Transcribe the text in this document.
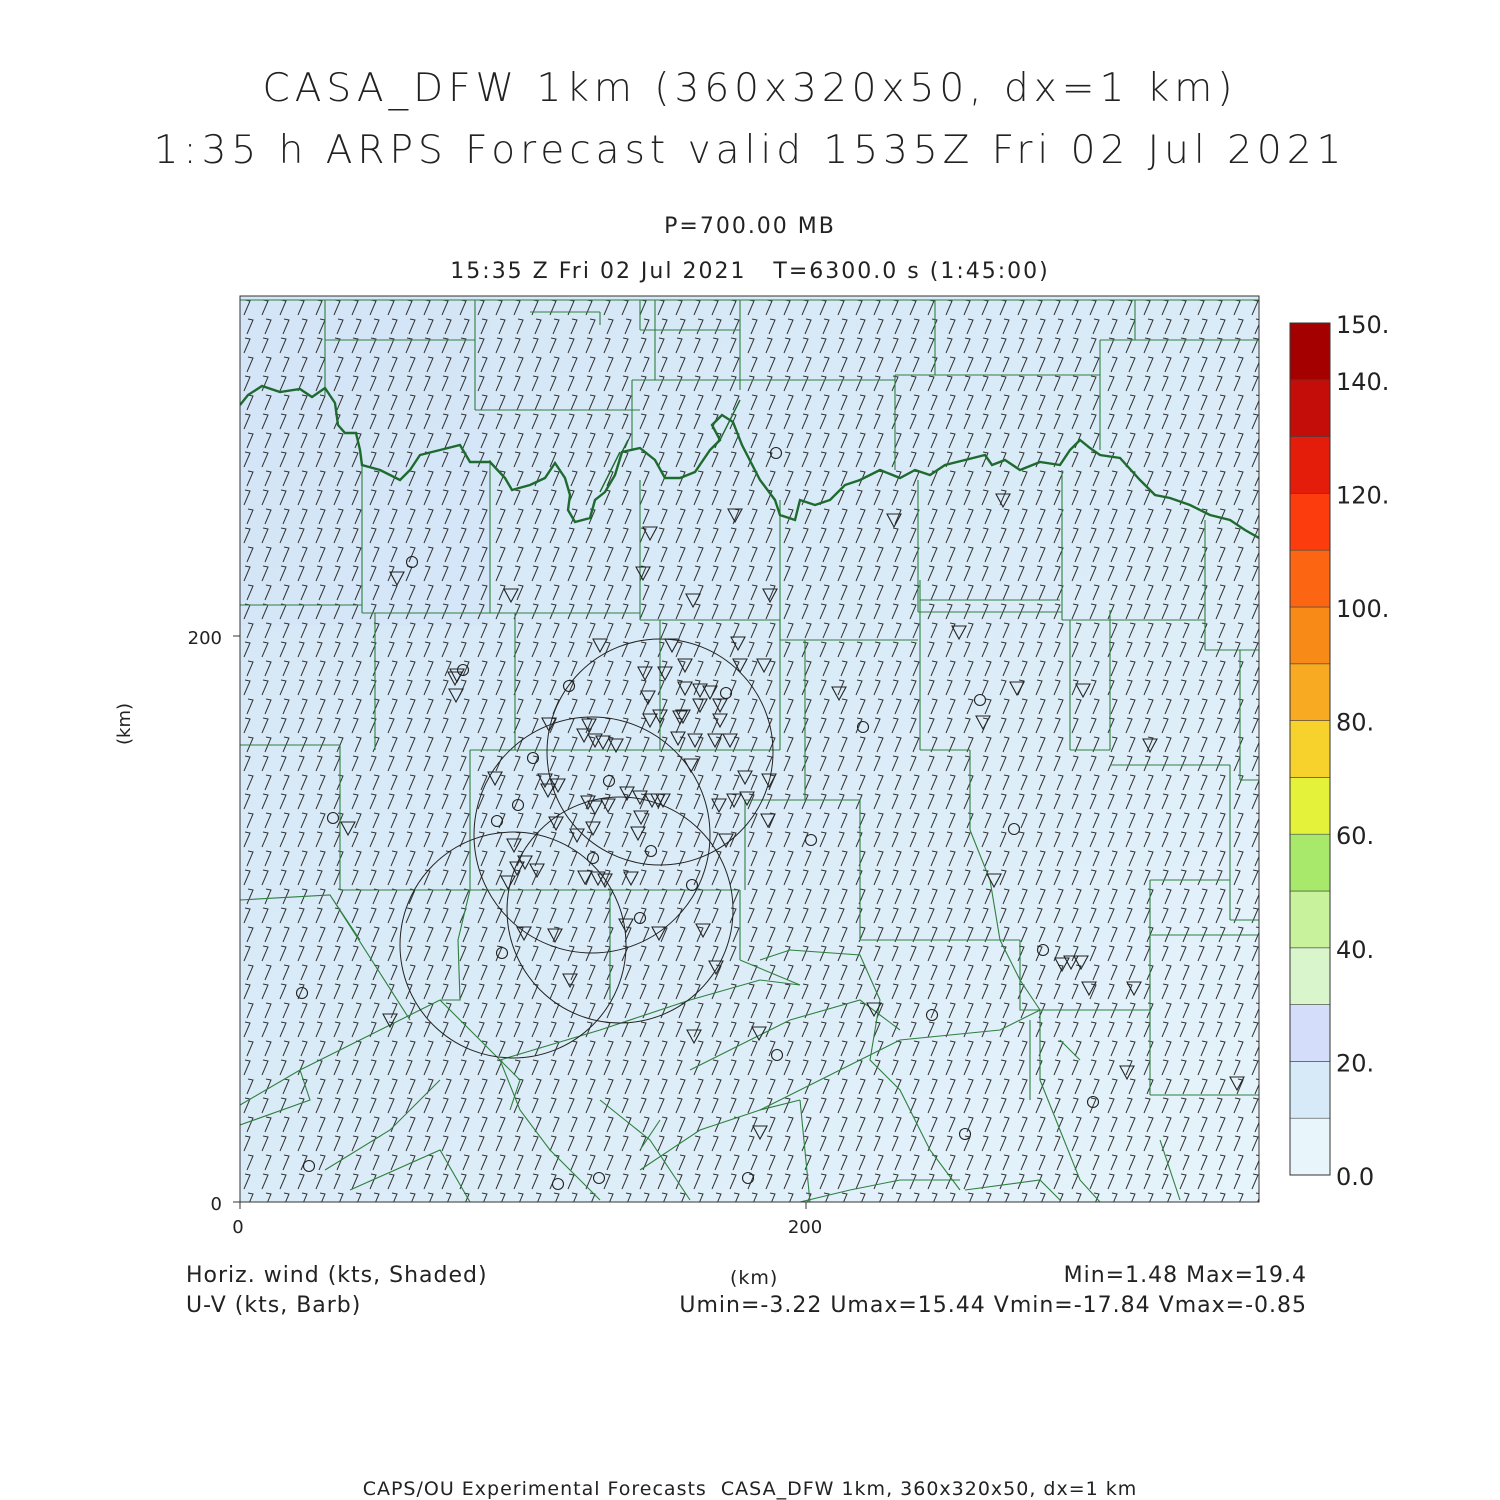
CASA_DFW 1km (360x320x50, dx=1 km)
1:35 h ARPS Forecast valid 1535Z Fri 02 Jul 2021
P=700.00 MB
15:35 Z Fri 02 Jul 2021   T=6300.0 s (1:45:00)
0
200
0	200
150.
140.
120.
100.
80.
60.
40.
20.
0.0
(km)
Horiz. wind (kts, Shaded)
U-V (kts, Barb)
(km)	Min=1.48 Max=19.4
Umin=-3.22 Umax=15.44 Vmin=-17.84 Vmax=-0.85
CAPS/OU Experimental Forecasts  CASA_DFW 1km, 360x320x50, dx=1 km
